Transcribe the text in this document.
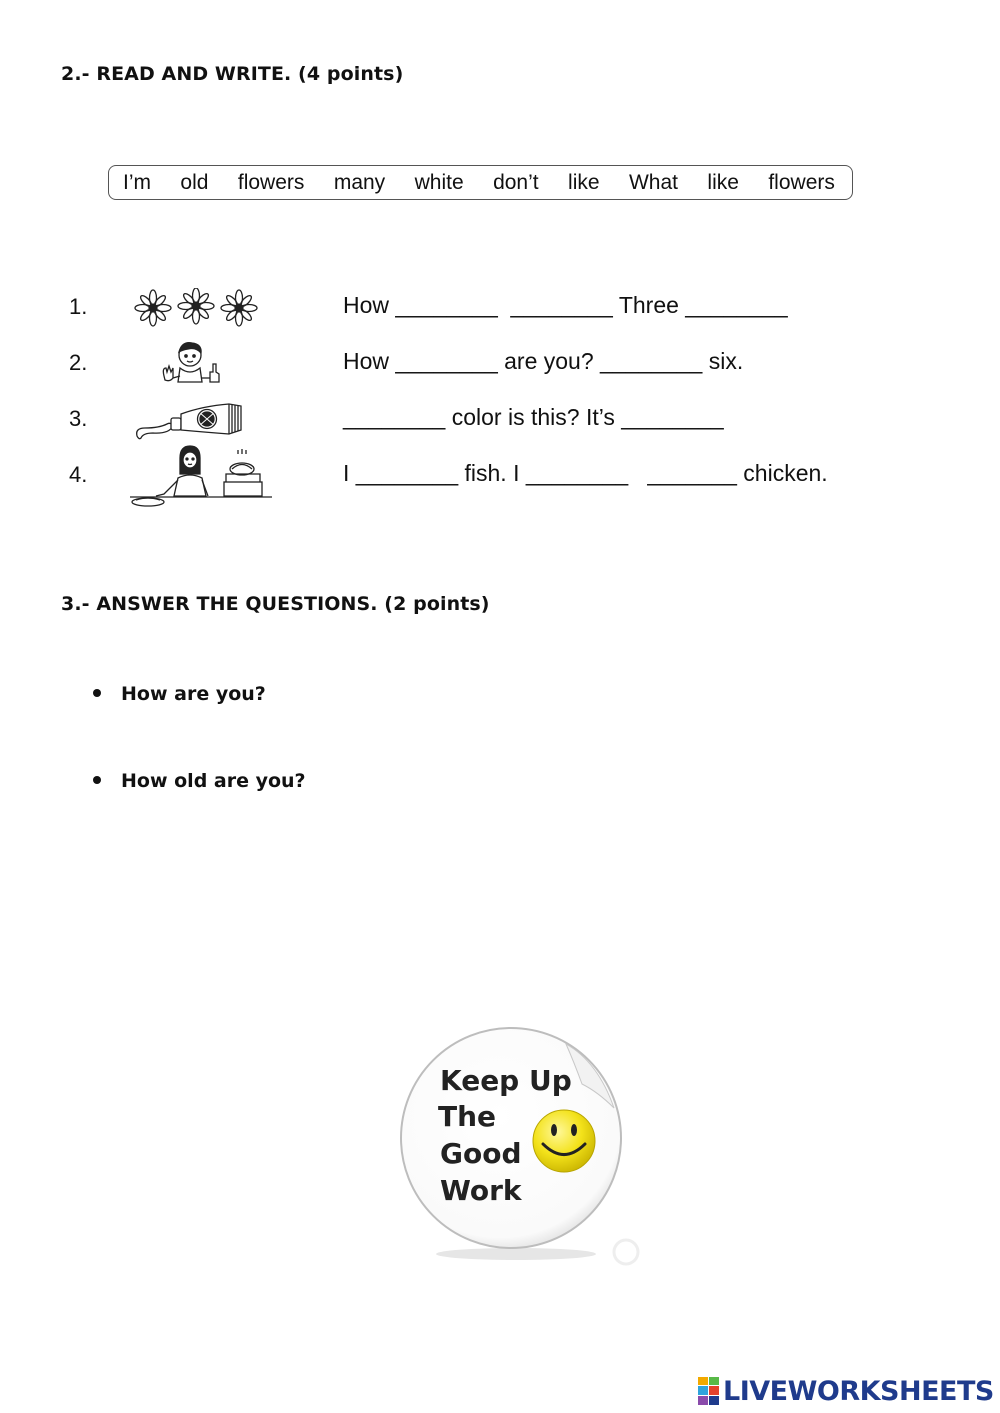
2.- READ AND WRITE. (4 points)
I’m old flowers many white don’t like What like flowers
1.	How ________  ________ Three ________
2.	How ________ are you? ________ six.
3.	________ color is this? It’s ________
4.	I ________ fish. I ________   _______ chicken.
3.- ANSWER THE QUESTIONS. (2 points)
How are you?
How old are you?
Keep Up
The
Good
Work
LIVEWORKSHEETS
